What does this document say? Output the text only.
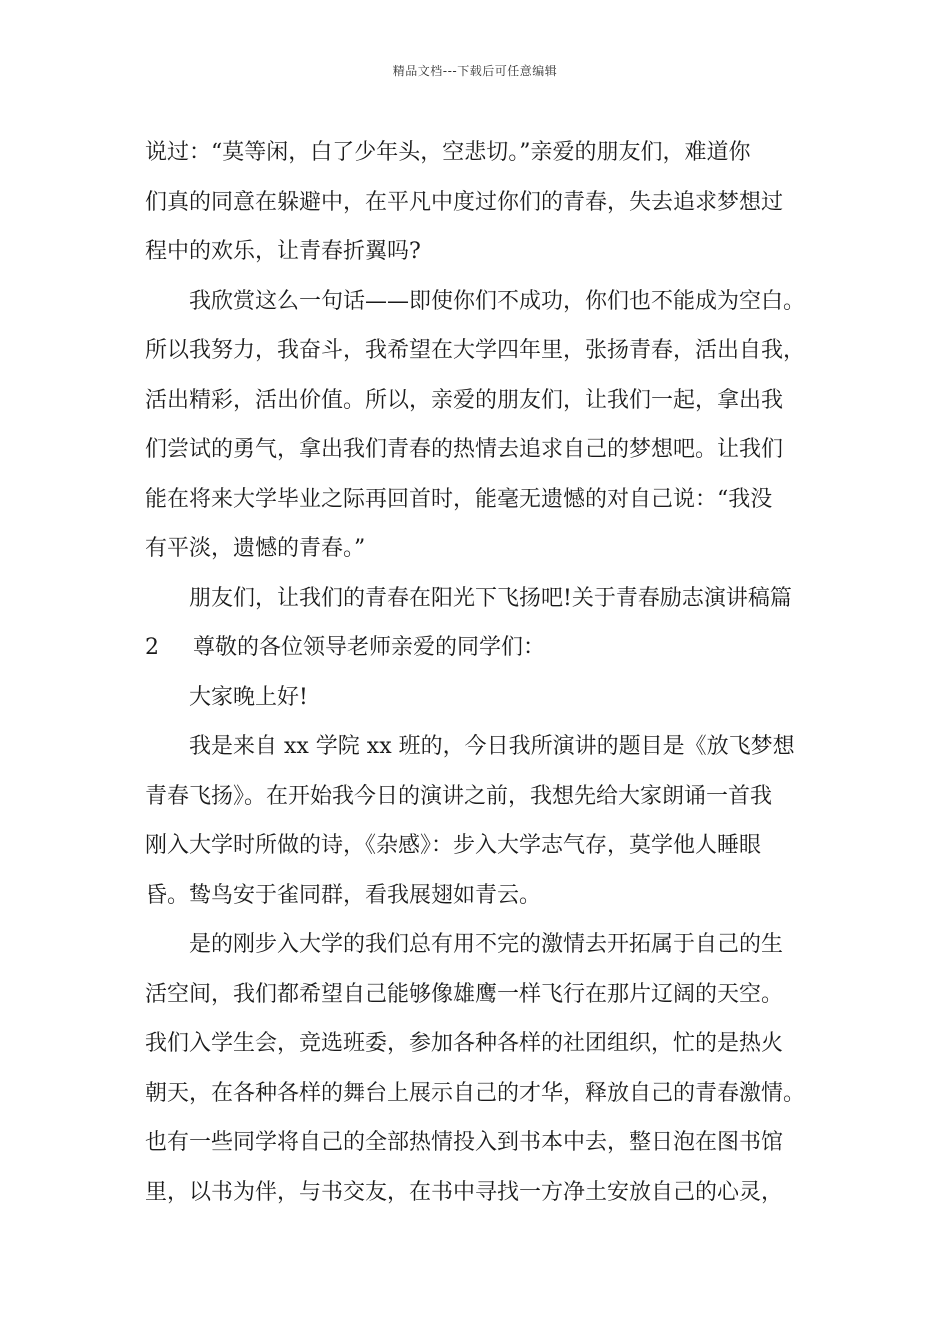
精品文档---下载后可任意编辑
说过：“莫等闲，白了少年头，空悲切。”亲爱的朋友们，难道你
们真的同意在躲避中，在平凡中度过你们的青春，失去追求梦想过
程中的欢乐，让青春折翼吗?
我欣赏这么一句话——即使你们不成功，你们也不能成为空白。
所以我努力，我奋斗，我希望在大学四年里，张扬青春，活出自我，
活出精彩，活出价值。所以，亲爱的朋友们，让我们一起，拿出我
们尝试的勇气，拿出我们青春的热情去追求自己的梦想吧。让我们
能在将来大学毕业之际再回首时，能毫无遗憾的对自己说：“我没
有平淡，遗憾的青春。”
朋友们，让我们的青春在阳光下飞扬吧!关于青春励志演讲稿篇
2 尊敬的各位领导老师亲爱的同学们：
大家晚上好!
我是来自 xx 学院 xx 班的，今日我所演讲的题目是《放飞梦想
青春飞扬》。在开始我今日的演讲之前，我想先给大家朗诵一首我
刚入大学时所做的诗，《杂感》：步入大学志气存，莫学他人睡眼
昏。鸷鸟安于雀同群，看我展翅如青云。
是的刚步入大学的我们总有用不完的激情去开拓属于自己的生
活空间，我们都希望自己能够像雄鹰一样飞行在那片辽阔的天空。
我们入学生会，竞选班委，参加各种各样的社团组织，忙的是热火
朝天，在各种各样的舞台上展示自己的才华，释放自己的青春激情。
也有一些同学将自己的全部热情投入到书本中去，整日泡在图书馆
里，以书为伴，与书交友，在书中寻找一方净土安放自己的心灵，
